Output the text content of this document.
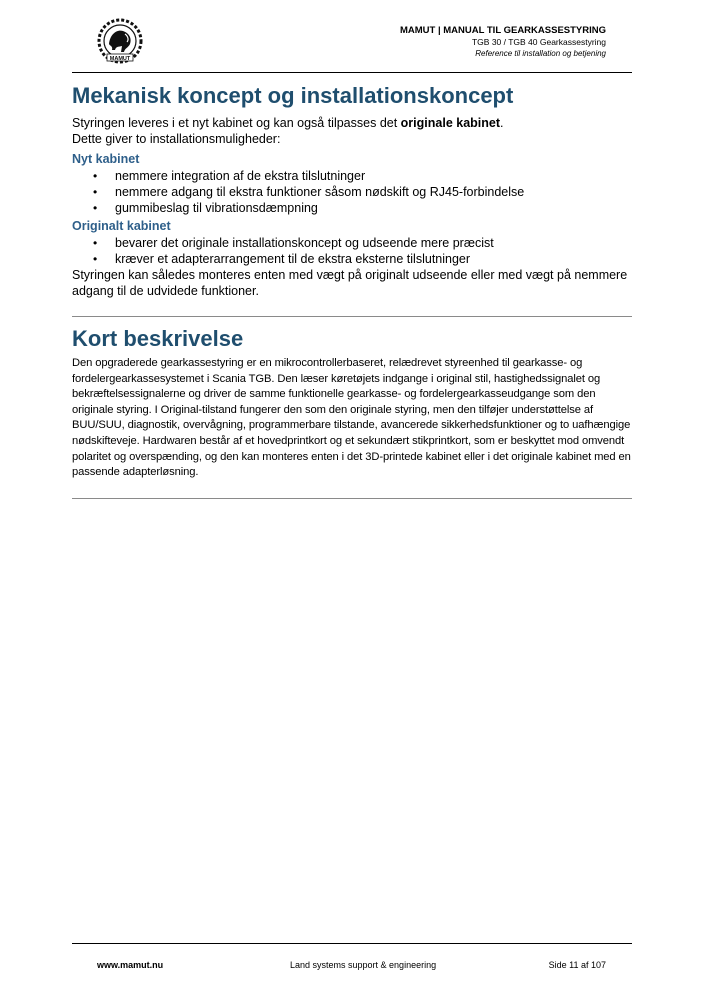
MAMUT
MAMUT | MANUAL TIL GEARKASSESTYRING
TGB 30 / TGB 40 Gearkassestyring
Reference til installation og betjening
Mekanisk koncept og installationskoncept

Styringen leveres i et nyt kabinet og kan også tilpasses det originale kabinet.

Dette giver to installationsmuligheder:

Nyt kabinet
• nemmere integration af de ekstra tilslutninger
• nemmere adgang til ekstra funktioner såsom nødskift og RJ45-forbindelse
• gummibeslag til vibrationsdæmpning
Originalt kabinet
• bevarer det originale installationskoncept og udseende mere præcist
• kræver et adapterarrangement til de ekstra eksterne tilslutninger

Styringen kan således monteres enten med vægt på originalt udseende eller med vægt på nemmere adgang til de udvidede funktioner.

Kort beskrivelse

Den opgraderede gearkassestyring er en mikrocontrollerbaseret, relædrevet styreenhed til gearkasse- og fordelergearkassesystemet i Scania TGB. Den læser køretøjets indgange i original stil, hastighedssignalet og bekræftelsessignalerne og driver de samme funktionelle gearkasse- og fordelergearkasseudgange som den originale styring. I Original-tilstand fungerer den som den originale styring, men den tilføjer understøttelse af BUU/SUU, diagnostik, overvågning, programmerbare tilstande, avancerede sikkerhedsfunktioner og to uafhængige nødskifteveje. Hardwaren består af et hovedprintkort og et sekundært stikprintkort, som er beskyttet mod omvendt polaritet og overspænding, og den kan monteres enten i det 3D-printede kabinet eller i det originale kabinet med en passende adapterløsning.

www.mamut.nu	Land systems support & engineering	Side 11 af 107
